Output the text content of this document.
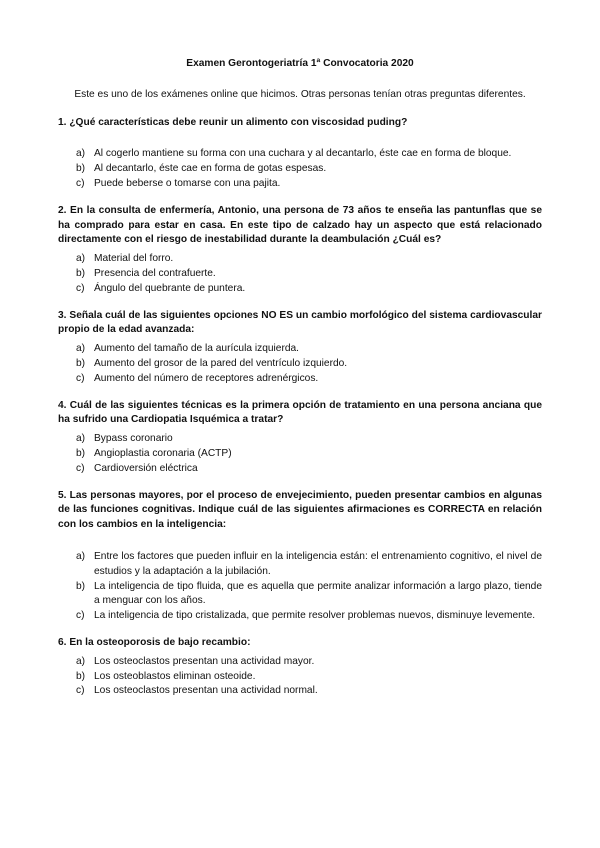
Examen Gerontogeriatría 1ª Convocatoria 2020

Este es uno de los exámenes online que hicimos. Otras personas tenían otras preguntas diferentes.

1. ¿Qué características debe reunir un alimento con viscosidad puding?

a) Al cogerlo mantiene su forma con una cuchara y al decantarlo, éste cae en forma de bloque.
b) Al decantarlo, éste cae en forma de gotas espesas.
c) Puede beberse o tomarse con una pajita.

2. En la consulta de enfermería, Antonio, una persona de 73 años te enseña las pantunflas que se ha comprado para estar en casa. En este tipo de calzado hay un aspecto que está relacionado directamente con el riesgo de inestabilidad durante la deambulación ¿Cuál es?

a) Material del forro.
b) Presencia del contrafuerte.
c) Ángulo del quebrante de puntera.

3. Señala cuál de las siguientes opciones NO ES un cambio morfológico del sistema cardiovascular propio de la edad avanzada:

a) Aumento del tamaño de la aurícula izquierda.
b) Aumento del grosor de la pared del ventrículo izquierdo.
c) Aumento del número de receptores adrenérgicos.

4. Cuál de las siguientes técnicas es la primera opción de tratamiento en una persona anciana que ha sufrido una Cardiopatia Isquémica a tratar?

a) Bypass coronario
b) Angioplastia coronaria (ACTP)
c) Cardioversión eléctrica

5. Las personas mayores, por el proceso de envejecimiento, pueden presentar cambios en algunas de las funciones cognitivas. Indique cuál de las siguientes afirmaciones es CORRECTA en relación con los cambios en la inteligencia:

a) Entre los factores que pueden influir en la inteligencia están: el entrenamiento cognitivo, el nivel de estudios y la adaptación a la jubilación.
b) La inteligencia de tipo fluida, que es aquella que permite analizar información a largo plazo, tiende a menguar con los años.
c) La inteligencia de tipo cristalizada, que permite resolver problemas nuevos, disminuye levemente.

6. En la osteoporosis de bajo recambio:

a) Los osteoclastos presentan una actividad mayor.
b) Los osteoblastos eliminan osteoide.
c) Los osteoclastos presentan una actividad normal.
